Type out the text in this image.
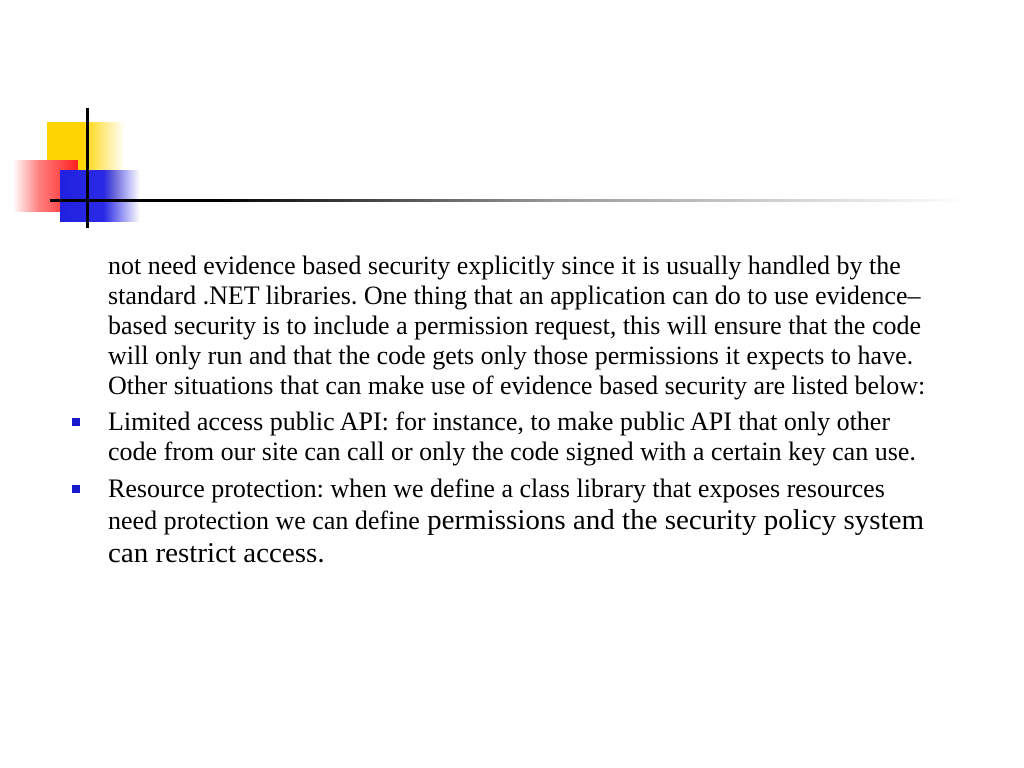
not need evidence based security explicitly since it is usually handled by the standard .NET libraries. One thing that an application can do to use evidence–based security is to include a permission request, this will ensure that the code will only run and that the code gets only those permissions it expects to have. Other situations that can make use of evidence based security are listed below:

Limited access public API: for instance, to make public API that only other code from our site can call or only the code signed with a certain key can use.
Resource protection: when we define a class library that exposes resources need protection we can define permissions and the security policy system can restrict access.
